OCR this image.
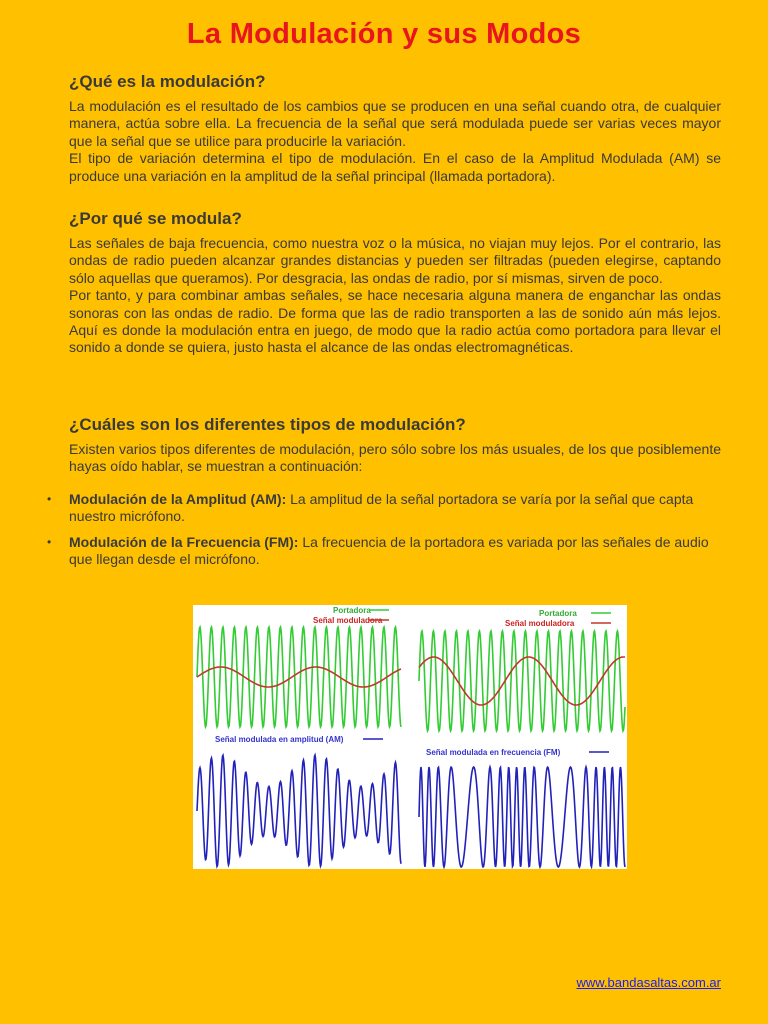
La Modulación y sus Modos
¿Qué es la modulación?

La modulación es el resultado de los cambios que se producen en una señal cuando otra, de cualquier manera, actúa sobre ella. La frecuencia de la señal que será modulada puede ser varias veces mayor que la señal que se utilice para producirle la variación.

El tipo de variación determina el tipo de modulación. En el caso de la Amplitud Modulada (AM) se produce una variación en la amplitud de la señal principal (llamada portadora).

¿Por qué se modula?

Las señales de baja frecuencia, como nuestra voz o la música, no viajan muy lejos. Por el contrario, las ondas de radio pueden alcanzar grandes distancias y pueden ser filtradas (pueden elegirse, captando sólo aquellas que queramos). Por desgracia, las ondas de radio, por sí mismas, sirven de poco.

Por tanto, y para combinar ambas señales, se hace necesaria alguna manera de enganchar las ondas sonoras con las ondas de radio. De forma que las de radio transporten a las de sonido aún más lejos. Aquí es donde la modulación entra en juego, de modo que la radio actúa como portadora para llevar el sonido a donde se quiera, justo hasta el alcance de las ondas electromagnéticas.

¿Cuáles son los diferentes tipos de modulación?

Existen varios tipos diferentes de modulación, pero sólo sobre los más usuales, de los que posiblemente hayas oído hablar, se muestran a continuación:

• Modulación de la Amplitud (AM): La amplitud de la señal portadora se varía por la señal que capta nuestro micrófono.
• Modulación de la Frecuencia (FM): La frecuencia de la portadora es variada por las señales de audio que llegan desde el micrófono.
Portadora
Señal moduladora
Portadora
Señal moduladora
Señal modulada en amplitud (AM)
Señal modulada en frecuencia (FM)
www.bandasaltas.com.ar
